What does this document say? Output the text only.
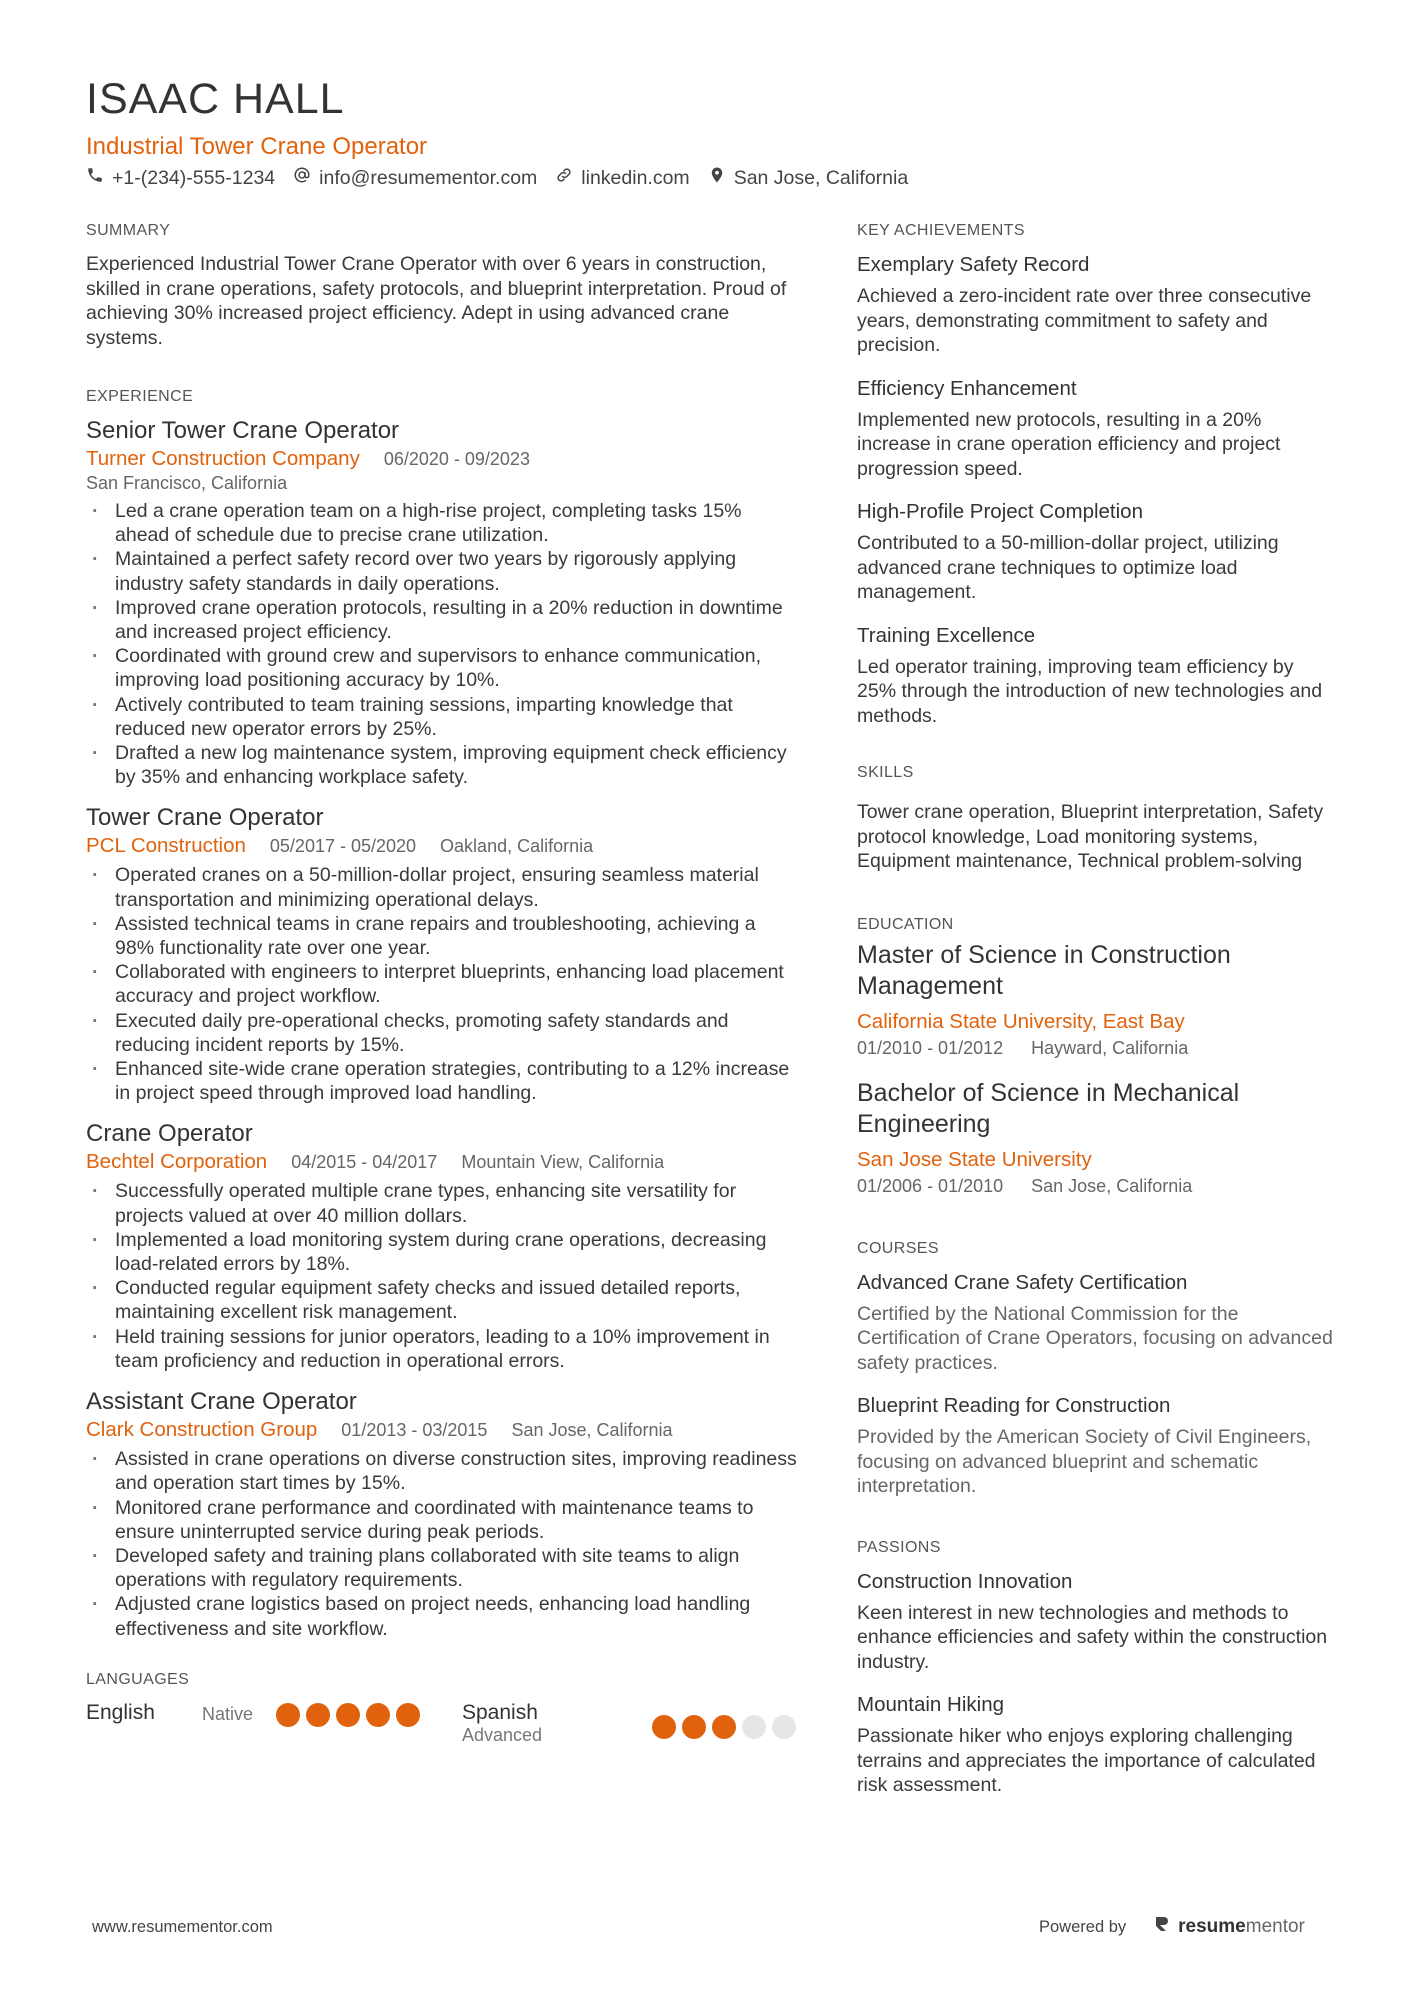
ISAAC HALL
Industrial Tower Crane Operator
+1-(234)-555-1234 info@resumementor.com linkedin.com San Jose, California
SUMMARY
Experienced Industrial Tower Crane Operator with over 6 years in construction, skilled in crane operations, safety protocols, and blueprint interpretation. Proud of achieving 30% increased project efficiency. Adept in using advanced crane systems.
EXPERIENCE
Senior Tower Crane Operator
Turner Construction Company 06/2020 - 09/2023
San Francisco, California
· Led a crane operation team on a high-rise project, completing tasks 15% ahead of schedule due to precise crane utilization.
· Maintained a perfect safety record over two years by rigorously applying industry safety standards in daily operations.
· Improved crane operation protocols, resulting in a 20% reduction in downtime and increased project efficiency.
· Coordinated with ground crew and supervisors to enhance communication, improving load positioning accuracy by 10%.
· Actively contributed to team training sessions, imparting knowledge that reduced new operator errors by 25%.
· Drafted a new log maintenance system, improving equipment check efficiency by 35% and enhancing workplace safety.
Tower Crane Operator
PCL Construction 05/2017 - 05/2020 Oakland, California
· Operated cranes on a 50-million-dollar project, ensuring seamless material transportation and minimizing operational delays.
· Assisted technical teams in crane repairs and troubleshooting, achieving a 98% functionality rate over one year.
· Collaborated with engineers to interpret blueprints, enhancing load placement accuracy and project workflow.
· Executed daily pre-operational checks, promoting safety standards and reducing incident reports by 15%.
· Enhanced site-wide crane operation strategies, contributing to a 12% increase in project speed through improved load handling.
Crane Operator
Bechtel Corporation 04/2015 - 04/2017 Mountain View, California
· Successfully operated multiple crane types, enhancing site versatility for projects valued at over 40 million dollars.
· Implemented a load monitoring system during crane operations, decreasing load-related errors by 18%.
· Conducted regular equipment safety checks and issued detailed reports, maintaining excellent risk management.
· Held training sessions for junior operators, leading to a 10% improvement in team proficiency and reduction in operational errors.
Assistant Crane Operator
Clark Construction Group 01/2013 - 03/2015 San Jose, California
· Assisted in crane operations on diverse construction sites, improving readiness and operation start times by 15%.
· Monitored crane performance and coordinated with maintenance teams to ensure uninterrupted service during peak periods.
· Developed safety and training plans collaborated with site teams to align operations with regulatory requirements.
· Adjusted crane logistics based on project needs, enhancing load handling effectiveness and site workflow.
LANGUAGES
English	Native	Spanish
Advanced
KEY ACHIEVEMENTS
Exemplary Safety Record
Achieved a zero-incident rate over three consecutive years, demonstrating commitment to safety and precision.
Efficiency Enhancement
Implemented new protocols, resulting in a 20% increase in crane operation efficiency and project progression speed.
High-Profile Project Completion
Contributed to a 50-million-dollar project, utilizing advanced crane techniques to optimize load management.
Training Excellence
Led operator training, improving team efficiency by 25% through the introduction of new technologies and methods.
SKILLS
Tower crane operation, Blueprint interpretation, Safety protocol knowledge, Load monitoring systems, Equipment maintenance, Technical problem-solving
EDUCATION
Master of Science in Construction Management
California State University, East Bay
01/2010 - 01/2012 Hayward, California
Bachelor of Science in Mechanical Engineering
San Jose State University
01/2006 - 01/2010 San Jose, California
COURSES
Advanced Crane Safety Certification
Certified by the National Commission for the Certification of Crane Operators, focusing on advanced safety practices.
Blueprint Reading for Construction
Provided by the American Society of Civil Engineers, focusing on advanced blueprint and schematic interpretation.
PASSIONS
Construction Innovation
Keen interest in new technologies and methods to enhance efficiencies and safety within the construction industry.
Mountain Hiking
Passionate hiker who enjoys exploring challenging terrains and appreciates the importance of calculated risk assessment.
www.resumementor.com	Powered by	resumementor
